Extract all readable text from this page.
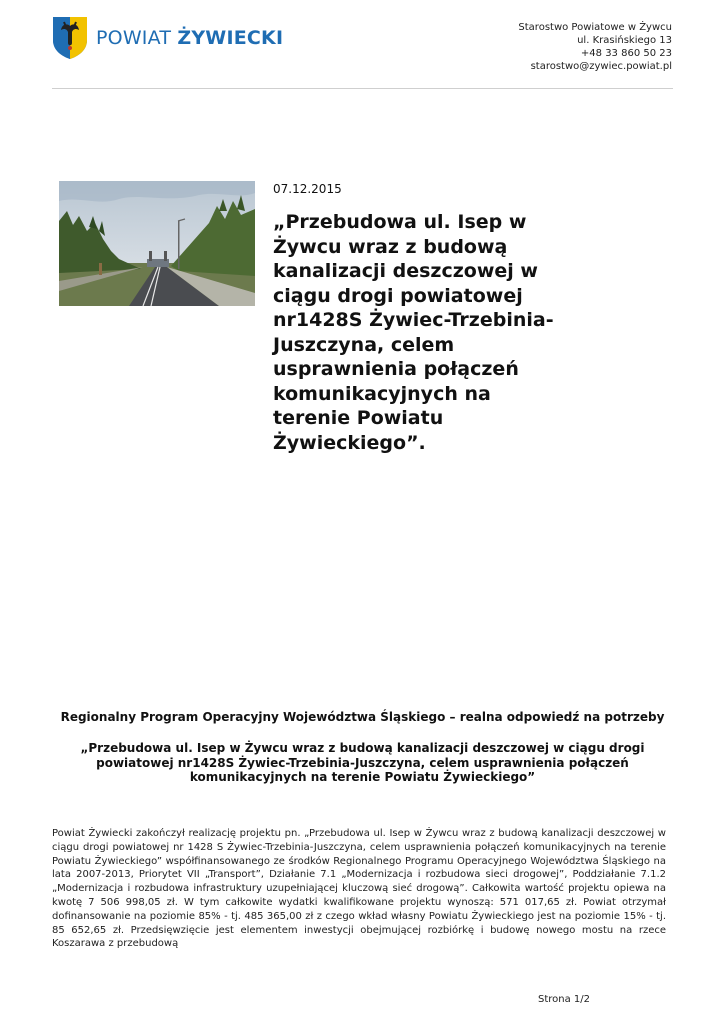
POWIAT ŻYWIECKI	Starostwo Powiatowe w Żywcu
ul. Krasińskiego 13
+48 33 860 50 23
starostwo@zywiec.powiat.pl
07.12.2015
„Przebudowa ul. Isep w Żywcu wraz z budową kanalizacji deszczowej w ciągu drogi powiatowej nr1428S Żywiec-Trzebinia-Juszczyna, celem usprawnienia połączeń komunikacyjnych na terenie Powiatu Żywieckiego”.
Regionalny Program Operacyjny Województwa Śląskiego – realna odpowiedź na potrzeby
„Przebudowa ul. Isep w Żywcu wraz z budową kanalizacji deszczowej w ciągu drogi powiatowej nr1428S Żywiec-Trzebinia-Juszczyna, celem usprawnienia połączeń komunikacyjnych na terenie Powiatu Żywieckiego”
Powiat Żywiecki zakończył realizację projektu pn. „Przebudowa ul. Isep w Żywcu wraz z budową kanalizacji deszczowej w ciągu drogi powiatowej nr 1428 S Żywiec-Trzebinia-Juszczyna, celem usprawnienia połączeń komunikacyjnych na terenie Powiatu Żywieckiego” współfinansowanego ze środków Regionalnego Programu Operacyjnego Województwa Śląskiego na lata 2007-2013, Priorytet VII „Transport”, Działanie 7.1 „Modernizacja i rozbudowa sieci drogowej”, Poddziałanie 7.1.2 „Modernizacja i rozbudowa infrastruktury uzupełniającej kluczową sieć drogową”. Całkowita wartość projektu opiewa na kwotę 7 506 998,05 zł. W tym całkowite wydatki kwalifikowane projektu wynoszą: 571 017,65 zł. Powiat otrzymał dofinansowanie na poziomie 85% - tj. 485 365,00 zł z czego wkład własny Powiatu Żywieckiego jest na poziomie 15% - tj. 85 652,65 zł. Przedsięwzięcie jest elementem inwestycji obejmującej rozbiórkę i budowę nowego mostu na rzece Koszarawa z przebudową
Strona 1/2
